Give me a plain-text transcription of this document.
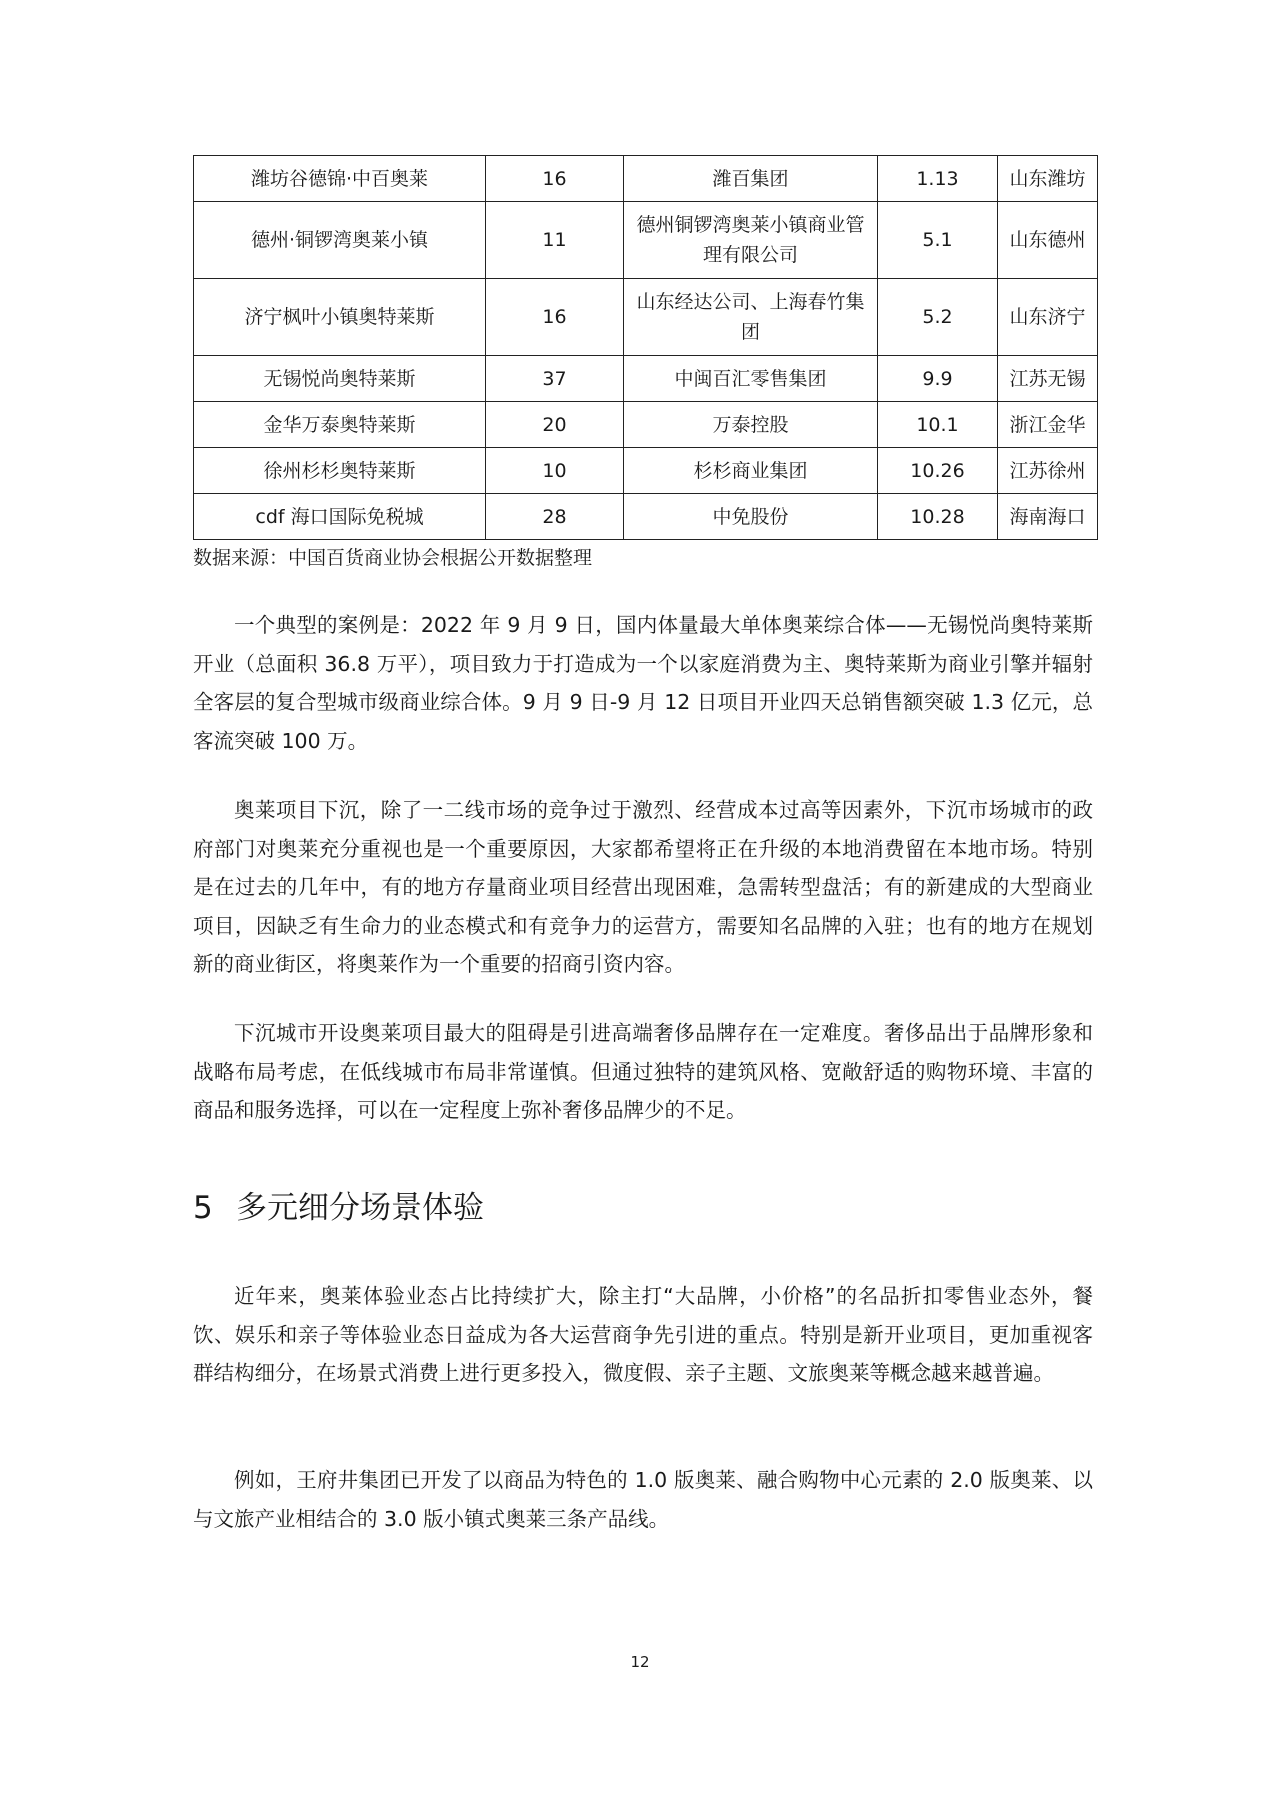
潍坊谷德锦·中百奥莱	16	潍百集团	1.13	山东潍坊
德州·铜锣湾奥莱小镇	11	德州铜锣湾奥莱小镇商业管理有限公司	5.1	山东德州
济宁枫叶小镇奥特莱斯	16	山东经达公司、上海春竹集团	5.2	山东济宁
无锡悦尚奥特莱斯	37	中闽百汇零售集团	9.9	江苏无锡
金华万泰奥特莱斯	20	万泰控股	10.1	浙江金华
徐州杉杉奥特莱斯	10	杉杉商业集团	10.26	江苏徐州
cdf 海口国际免税城	28	中免股份	10.28	海南海口
数据来源：中国百货商业协会根据公开数据整理

一个典型的案例是：2022 年 9 月 9 日，国内体量最大单体奥莱综合体——无锡悦尚奥特莱斯开业（总面积 36.8 万平），项目致力于打造成为一个以家庭消费为主、奥特莱斯为商业引擎并辐射全客层的复合型城市级商业综合体。9 月 9 日-9 月 12 日项目开业四天总销售额突破 1.3 亿元，总客流突破 100 万。

奥莱项目下沉，除了一二线市场的竞争过于激烈、经营成本过高等因素外，下沉市场城市的政府部门对奥莱充分重视也是一个重要原因，大家都希望将正在升级的本地消费留在本地市场。特别是在过去的几年中，有的地方存量商业项目经营出现困难，急需转型盘活；有的新建成的大型商业项目，因缺乏有生命力的业态模式和有竞争力的运营方，需要知名品牌的入驻；也有的地方在规划新的商业街区，将奥莱作为一个重要的招商引资内容。

下沉城市开设奥莱项目最大的阻碍是引进高端奢侈品牌存在一定难度。奢侈品出于品牌形象和战略布局考虑，在低线城市布局非常谨慎。但通过独特的建筑风格、宽敞舒适的购物环境、丰富的商品和服务选择，可以在一定程度上弥补奢侈品牌少的不足。

5 多元细分场景体验

近年来，奥莱体验业态占比持续扩大，除主打“大品牌，小价格”的名品折扣零售业态外，餐饮、娱乐和亲子等体验业态日益成为各大运营商争先引进的重点。特别是新开业项目，更加重视客群结构细分，在场景式消费上进行更多投入，微度假、亲子主题、文旅奥莱等概念越来越普遍。

例如，王府井集团已开发了以商品为特色的 1.0 版奥莱、融合购物中心元素的 2.0 版奥莱、以与文旅产业相结合的 3.0 版小镇式奥莱三条产品线。

12
